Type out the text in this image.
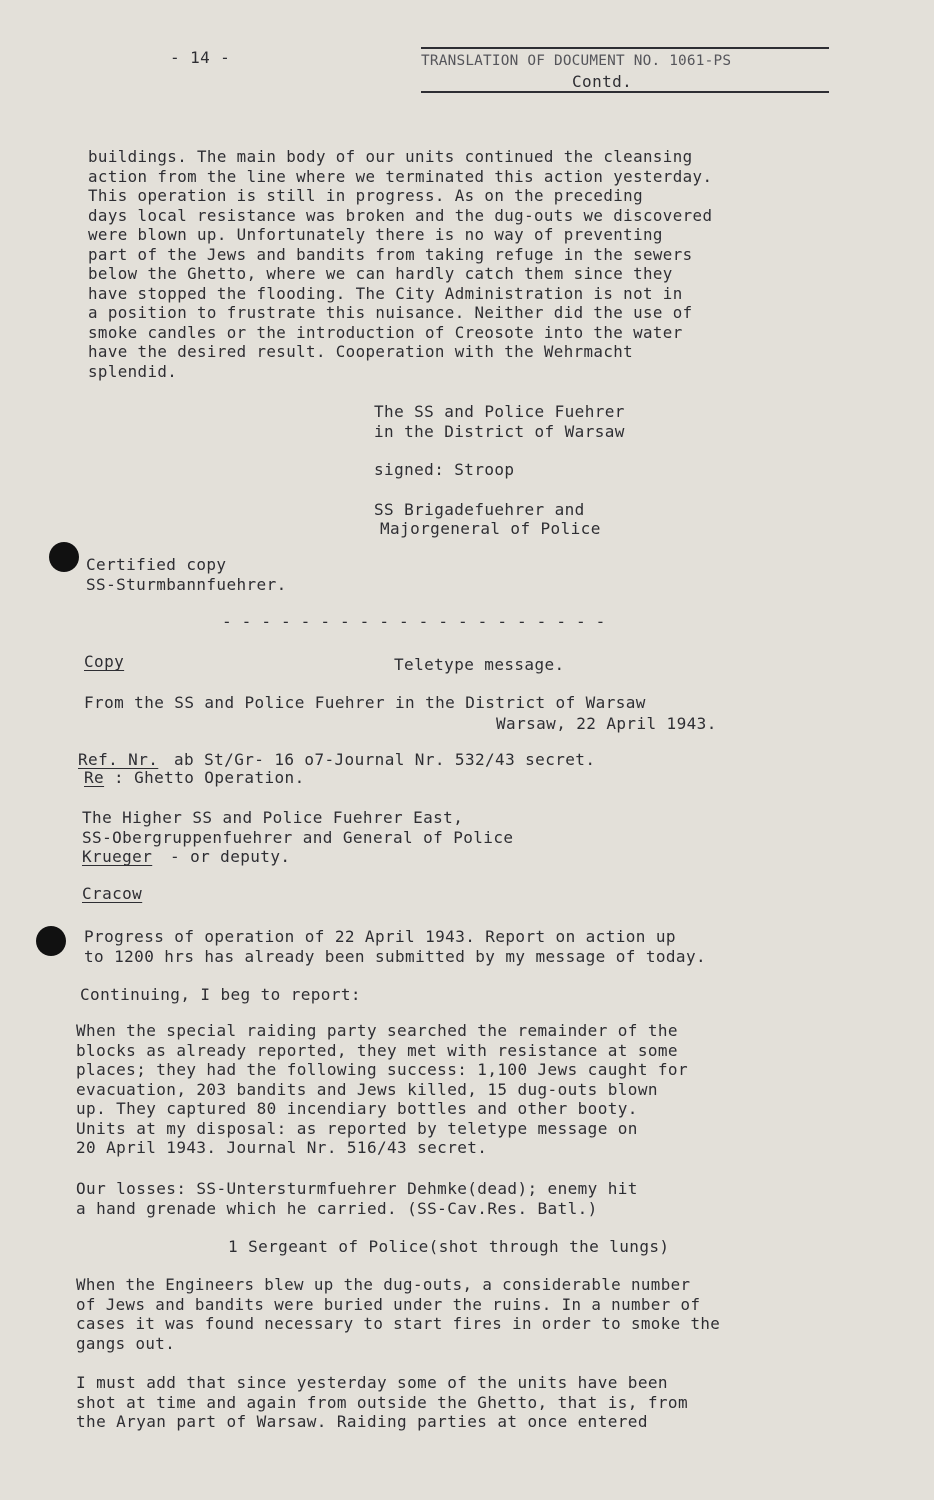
- 14 -	TRANSLATION OF DOCUMENT NO. 1061-PS

Contd.

buildings. The main body of our units continued the cleansing
action from the line where we terminated this action yesterday.
This operation is still in progress. As on the preceding
days local resistance was broken and the dug-outs we discovered
were blown up. Unfortunately there is no way of preventing
part of the Jews and bandits from taking refuge in the sewers
below the Ghetto, where we can hardly catch them since they
have stopped the flooding. The City Administration is not in
a position to frustrate this nuisance. Neither did the use of
smoke candles or the introduction of Creosote into the water
have the desired result. Cooperation with the Wehrmacht
splendid.

The SS and Police Fuehrer

in the District of Warsaw

signed: Stroop

SS Brigadefuehrer and

Majorgeneral of Police

Certified copy

SS-Sturmbannfuehrer.

- - - - - - - - - - - - - - - - - - - -

Copy	Teletype message.

From the SS and Police Fuehrer in the District of Warsaw

Warsaw, 22 April 1943.

Ref. Nr. ab St/Gr- 16 o7-Journal Nr. 532/43 secret.

Re : Ghetto Operation.

The Higher SS and Police Fuehrer East,

SS-Obergruppenfuehrer and General of Police

Krueger - or deputy.

Cracow

Progress of operation of 22 April 1943. Report on action up
to 1200 hrs has already been submitted by my message of today.

Continuing, I beg to report:

When the special raiding party searched the remainder of the
blocks as already reported, they met with resistance at some
places; they had the following success: 1,100 Jews caught for
evacuation, 203 bandits and Jews killed, 15 dug-outs blown
up. They captured 80 incendiary bottles and other booty.
Units at my disposal: as reported by teletype message on
20 April 1943. Journal Nr. 516/43 secret.

Our losses: SS-Untersturmfuehrer Dehmke(dead); enemy hit
a hand grenade which he carried. (SS-Cav.Res. Batl.)

1 Sergeant of Police(shot through the lungs)

When the Engineers blew up the dug-outs, a considerable number
of Jews and bandits were buried under the ruins. In a number of
cases it was found necessary to start fires in order to smoke the
gangs out.

I must add that since yesterday some of the units have been
shot at time and again from outside the Ghetto, that is, from
the Aryan part of Warsaw. Raiding parties at once entered
